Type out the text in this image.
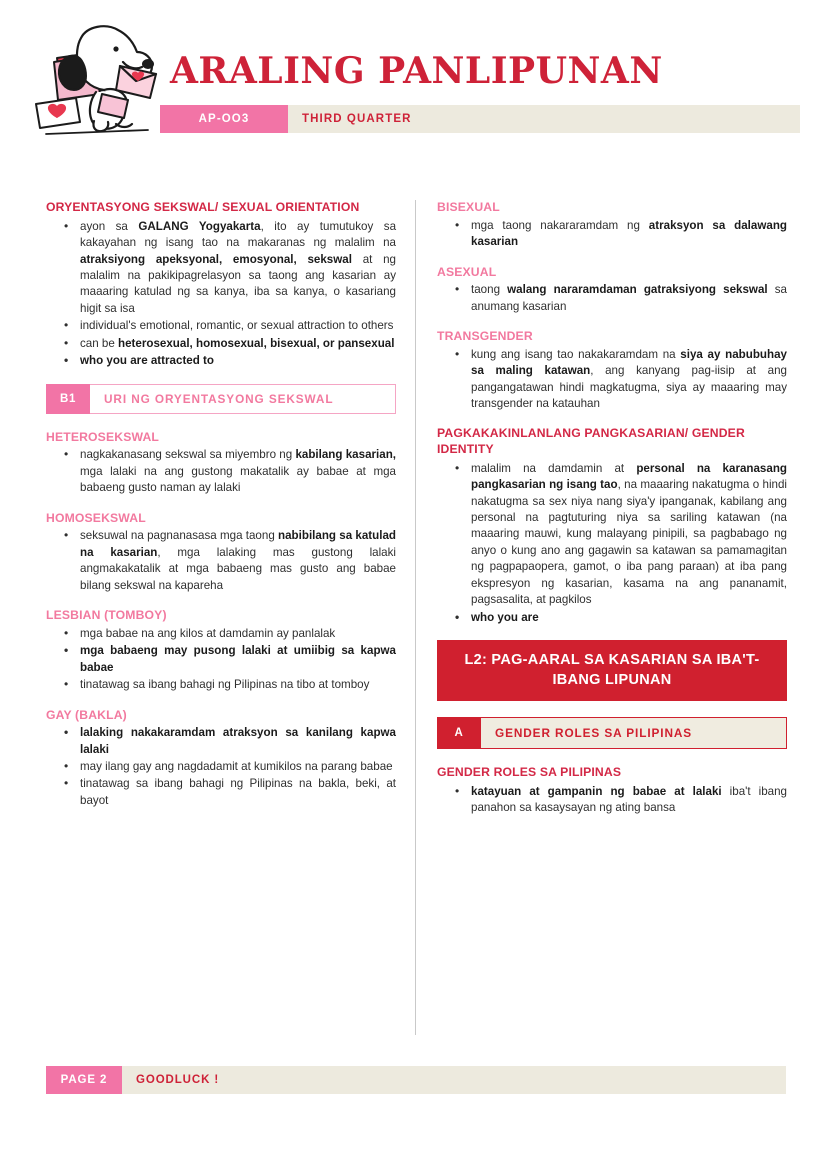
ARALING PANLIPUNAN
AP-OO3	THIRD QUARTER
ORYENTASYONG SEKSWAL/ SEXUAL ORIENTATION
• ayon sa GALANG Yogyakarta, ito ay tumutukoy sa kakayahan ng isang tao na makaranas ng malalim na atraksiyong apeksyonal, emosyonal, sekswal at ng malalim na pakikipagrelasyon sa taong ang kasarian ay maaaring katulad ng sa kanya, iba sa kanya, o kasariang higit sa isa
• individual's emotional, romantic, or sexual attraction to others
• can be heterosexual, homosexual, bisexual, or pansexual
• who you are attracted to
B1	URI NG ORYENTASYONG SEKSWAL
HETEROSEKSWAL
• nagkakanasang sekswal sa miyembro ng kabilang kasarian, mga lalaki na ang gustong makatalik ay babae at mga babaeng gusto naman ay lalaki
HOMOSEKSWAL
• seksuwal na pagnanasasa mga taong nabibilang sa katulad na kasarian, mga lalaking mas gustong lalaki angmakakatalik at mga babaeng mas gusto ang babae bilang sekswal na kapareha
LESBIAN (TOMBOY)
• mga babae na ang kilos at damdamin ay panlalak
• mga babaeng may pusong lalaki at umiibig sa kapwa babae
• tinatawag sa ibang bahagi ng Pilipinas na tibo at tomboy
GAY (BAKLA)
• lalaking nakakaramdam atraksyon sa kanilang kapwa lalaki
• may ilang gay ang nagdadamit at kumikilos na parang babae
• tinatawag sa ibang bahagi ng Pilipinas na bakla, beki, at bayot
BISEXUAL
• mga taong nakararamdam ng atraksyon sa dalawang kasarian
ASEXUAL
• taong walang nararamdaman gatraksiyong sekswal sa anumang kasarian
TRANSGENDER
• kung ang isang tao nakakaramdam na siya ay nabubuhay sa maling katawan, ang kanyang pag-iisip at ang pangangatawan hindi magkatugma, siya ay maaaring may transgender na katauhan
PAGKAKAKINLANLANG PANGKASARIAN/ GENDER IDENTITY
• malalim na damdamin at personal na karanasang pangkasarian ng isang tao, na maaaring nakatugma o hindi nakatugma sa sex niya nang siya'y ipanganak, kabilang ang personal na pagtuturing niya sa sariling katawan (na maaaring mauwi, kung malayang pinipili, sa pagbabago ng anyo o kung ano ang gagawin sa katawan sa pamamagitan ng pagpapaopera, gamot, o iba pang paraan) at iba pang ekspresyon ng kasarian, kasama na ang pananamit, pagsasalita, at pagkilos
• who you are
L2: PAG-AARAL SA KASARIAN SA IBA'T-IBANG LIPUNAN
A	GENDER ROLES SA PILIPINAS
GENDER ROLES SA PILIPINAS
• katayuan at gampanin ng babae at lalaki iba't ibang panahon sa kasaysayan ng ating bansa
PAGE 2	GOODLUCK !
